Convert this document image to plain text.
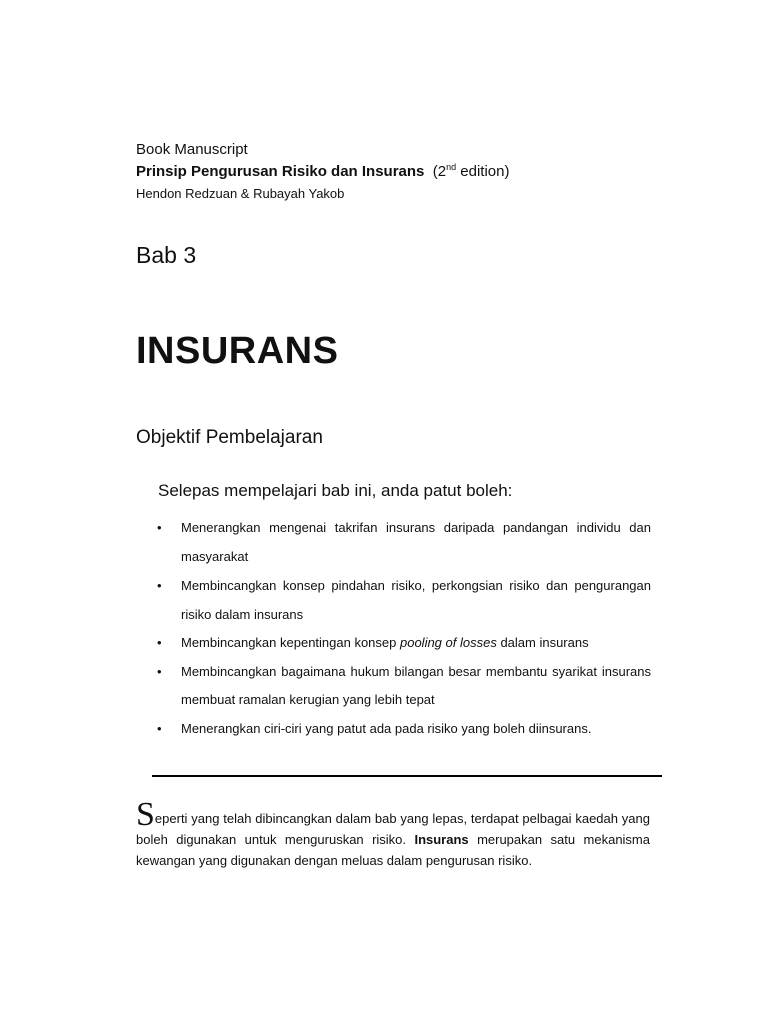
Book Manuscript
Prinsip Pengurusan Risiko dan Insurans (2nd edition)
Hendon Redzuan & Rubayah Yakob
Bab 3
INSURANS
Objektif Pembelajaran
Selepas mempelajari bab ini, anda patut boleh:
• Menerangkan mengenai takrifan insurans daripada pandangan individu dan masyarakat
• Membincangkan konsep pindahan risiko, perkongsian risiko dan pengurangan risiko dalam insurans
• Membincangkan kepentingan konsep pooling of losses dalam insurans
• Membincangkan bagaimana hukum bilangan besar membantu syarikat insurans membuat ramalan kerugian yang lebih tepat
• Menerangkan ciri-ciri yang patut ada pada risiko yang boleh diinsurans.

Seperti yang telah dibincangkan dalam bab yang lepas, terdapat pelbagai kaedah yang boleh digunakan untuk menguruskan risiko. Insurans merupakan satu mekanisma kewangan yang digunakan dengan meluas dalam pengurusan risiko.
